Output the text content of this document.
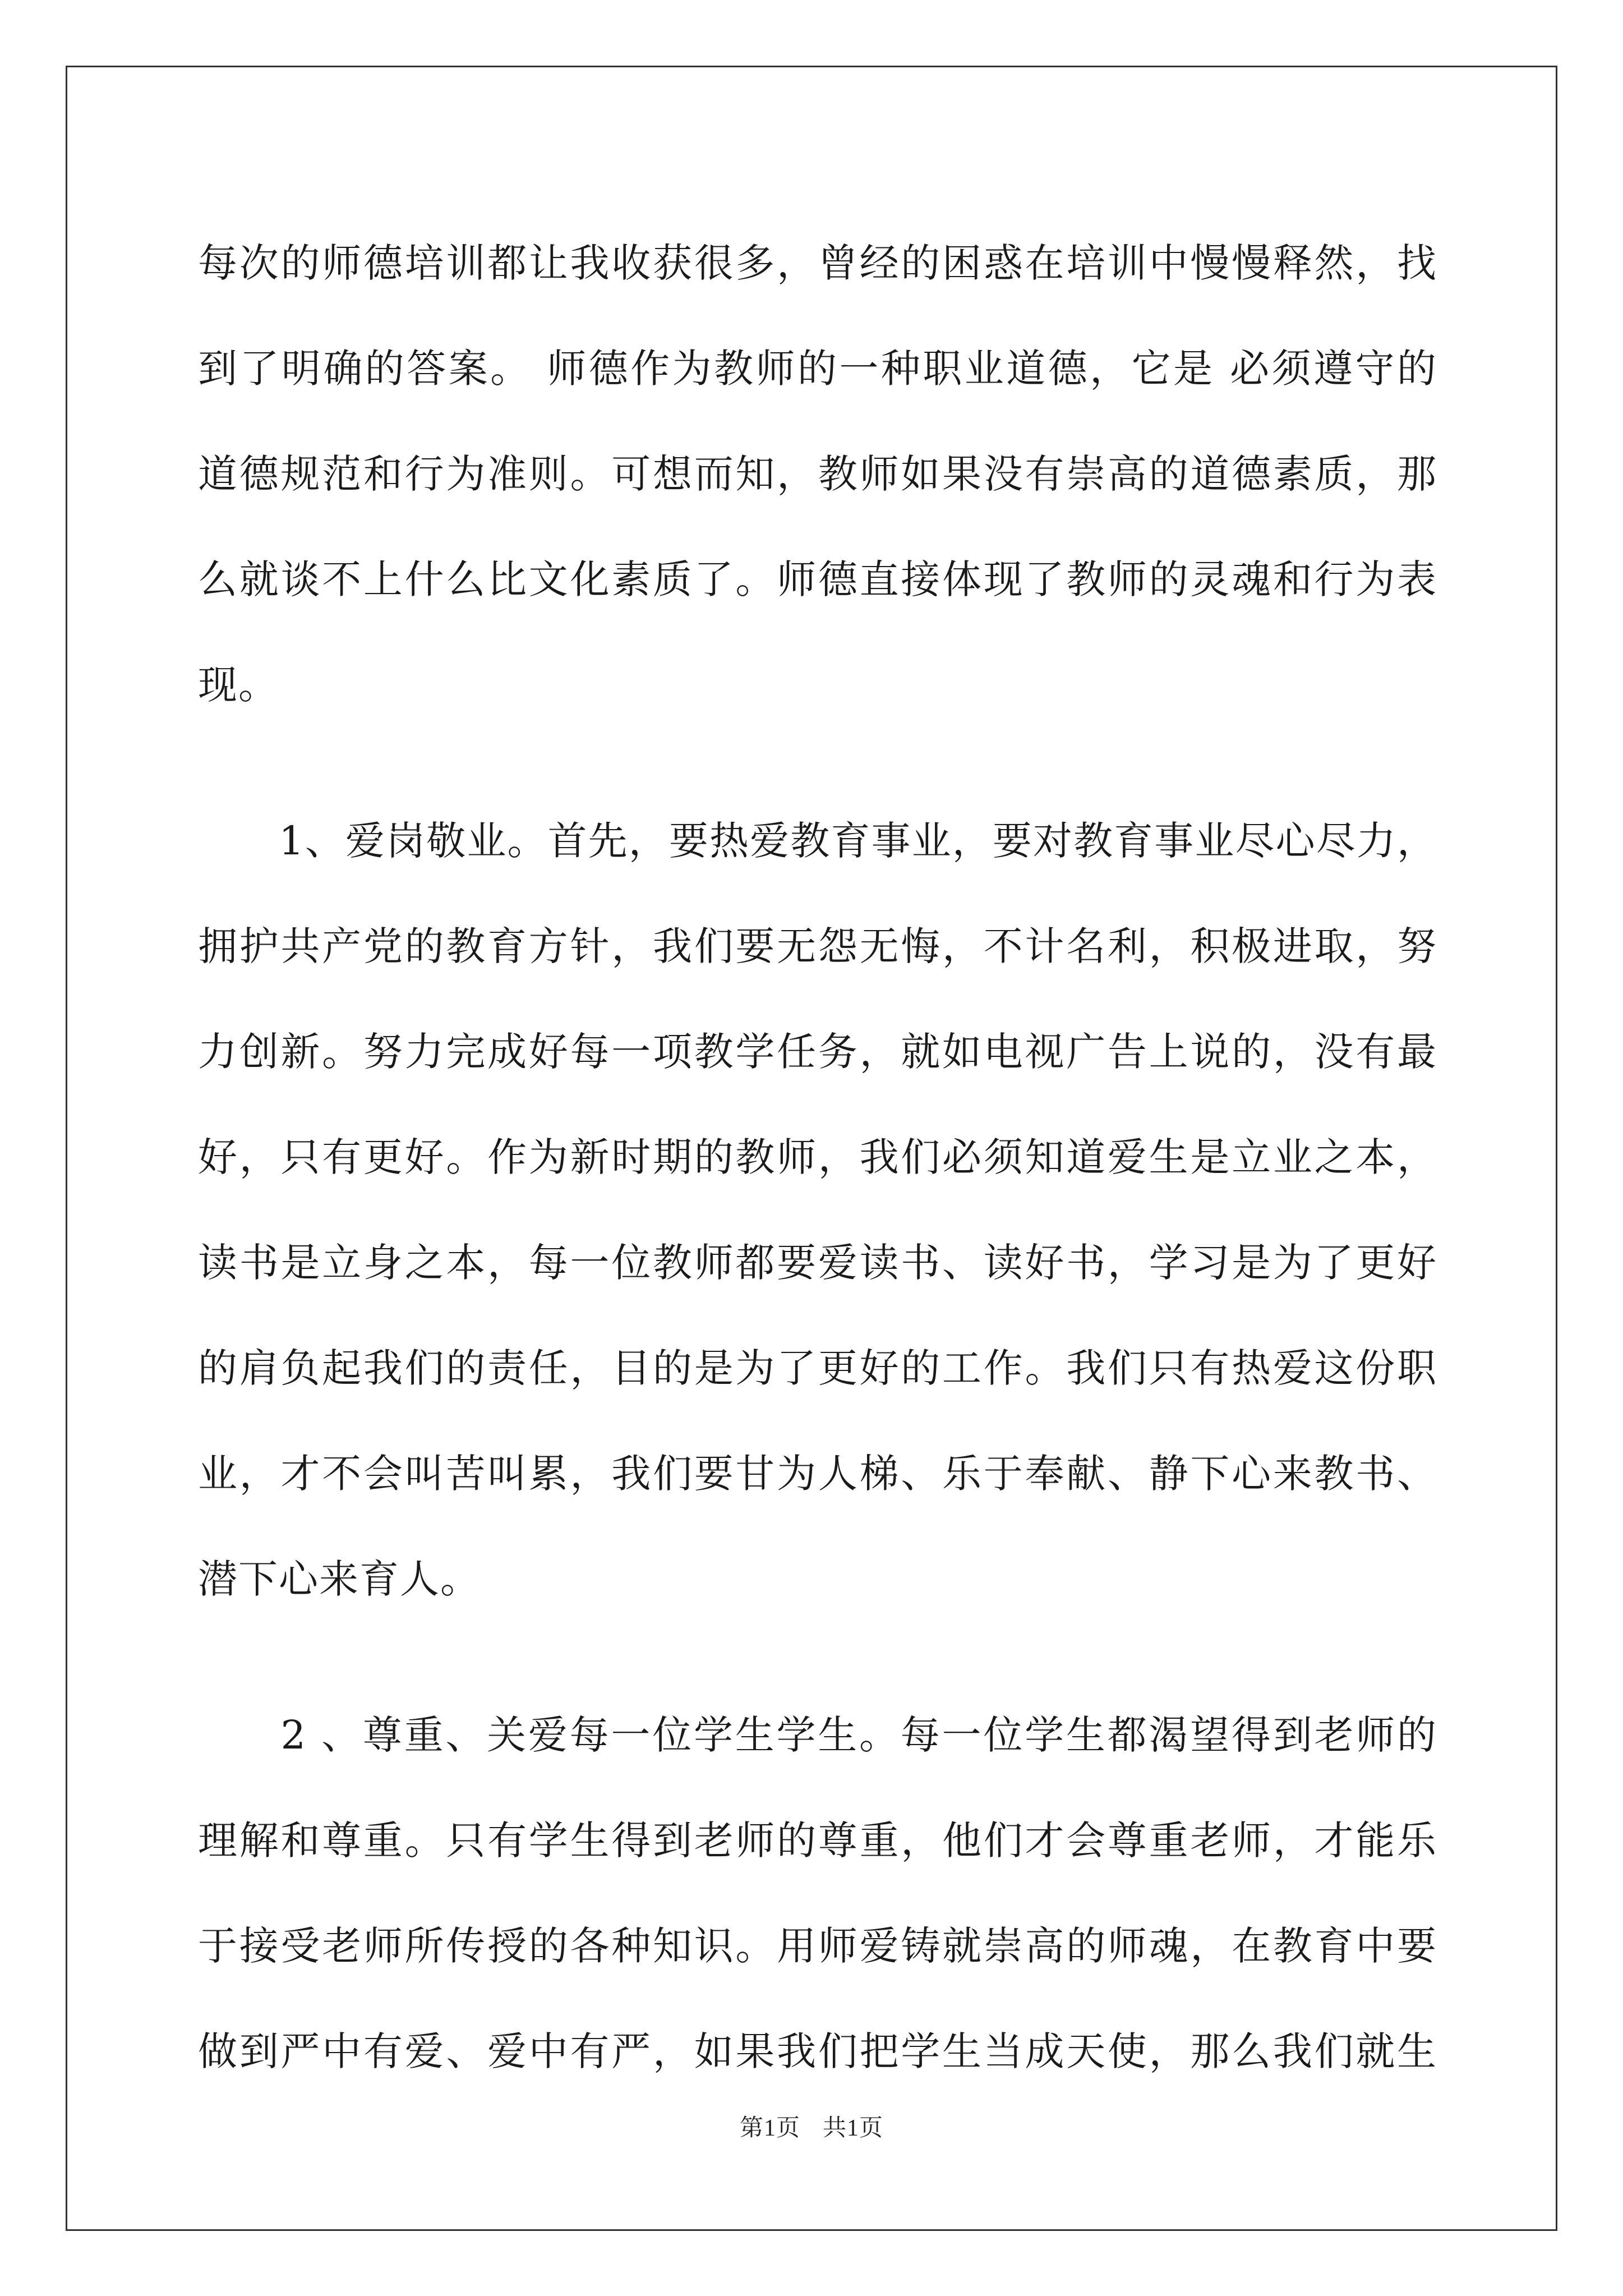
每次的师德培训都让我收获很多，曾经的困惑在培训中慢慢释然，找
到了明确的答案。 师德作为教师的一种职业道德，它是 必须遵守的
道德规范和行为准则。可想而知，教师如果没有崇高的道德素质，那
么就谈不上什么比文化素质了。师德直接体现了教师的灵魂和行为表
现。
　　1、爱岗敬业。首先，要热爱教育事业，要对教育事业尽心尽力，
拥护共产党的教育方针，我们要无怨无悔，不计名利，积极进取，努
力创新。努力完成好每一项教学任务，就如电视广告上说的，没有最
好，只有更好。作为新时期的教师，我们必须知道爱生是立业之本，
读书是立身之本，每一位教师都要爱读书、读好书，学习是为了更好
的肩负起我们的责任，目的是为了更好的工作。我们只有热爱这份职
业，才不会叫苦叫累，我们要甘为人梯、乐于奉献、静下心来教书、
潜下心来育人。
　　2 、尊重、关爱每一位学生学生。每一位学生都渴望得到老师的
理解和尊重。只有学生得到老师的尊重，他们才会尊重老师，才能乐
于接受老师所传授的各种知识。用师爱铸就崇高的师魂，在教育中要
做到严中有爱、爱中有严，如果我们把学生当成天使，那么我们就生
第1页 共1页
